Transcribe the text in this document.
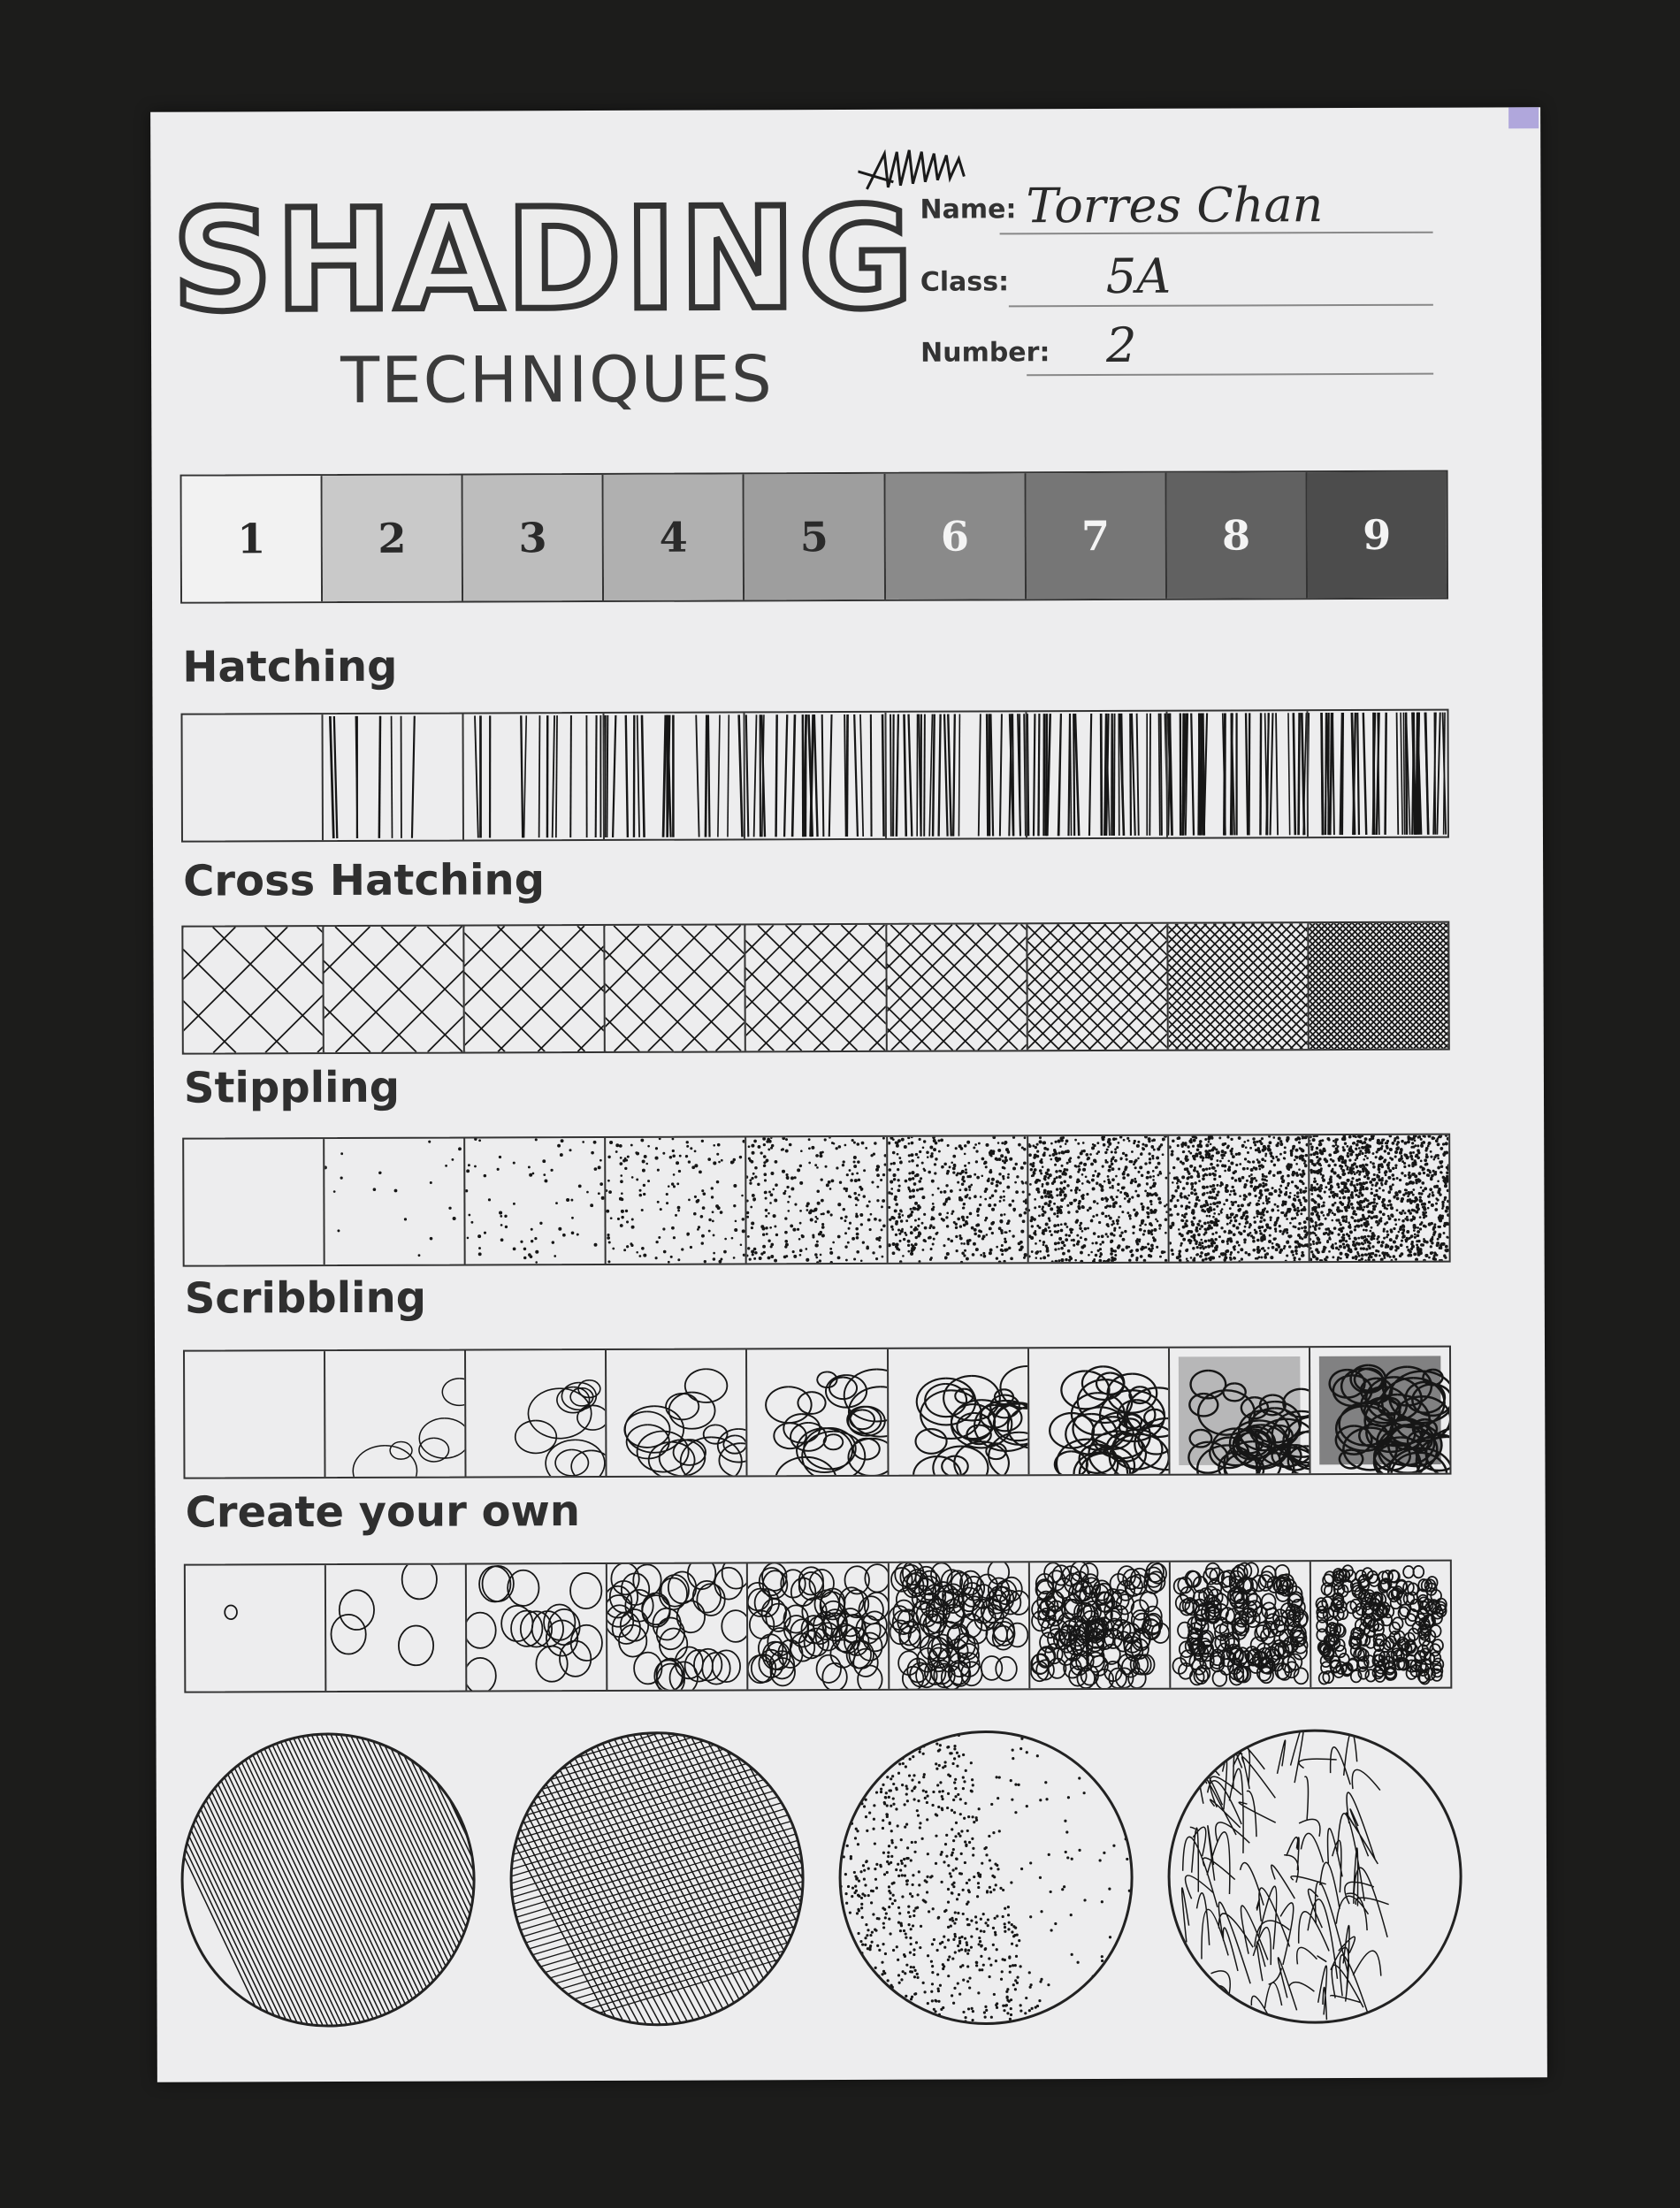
SHADING
TECHNIQUES
Name: Torres Chan
Class: 5A
Number: 2
1	2	3	4	5	6	7	8	9
Hatching
Cross Hatching
Stippling
Scribbling
Create your own
